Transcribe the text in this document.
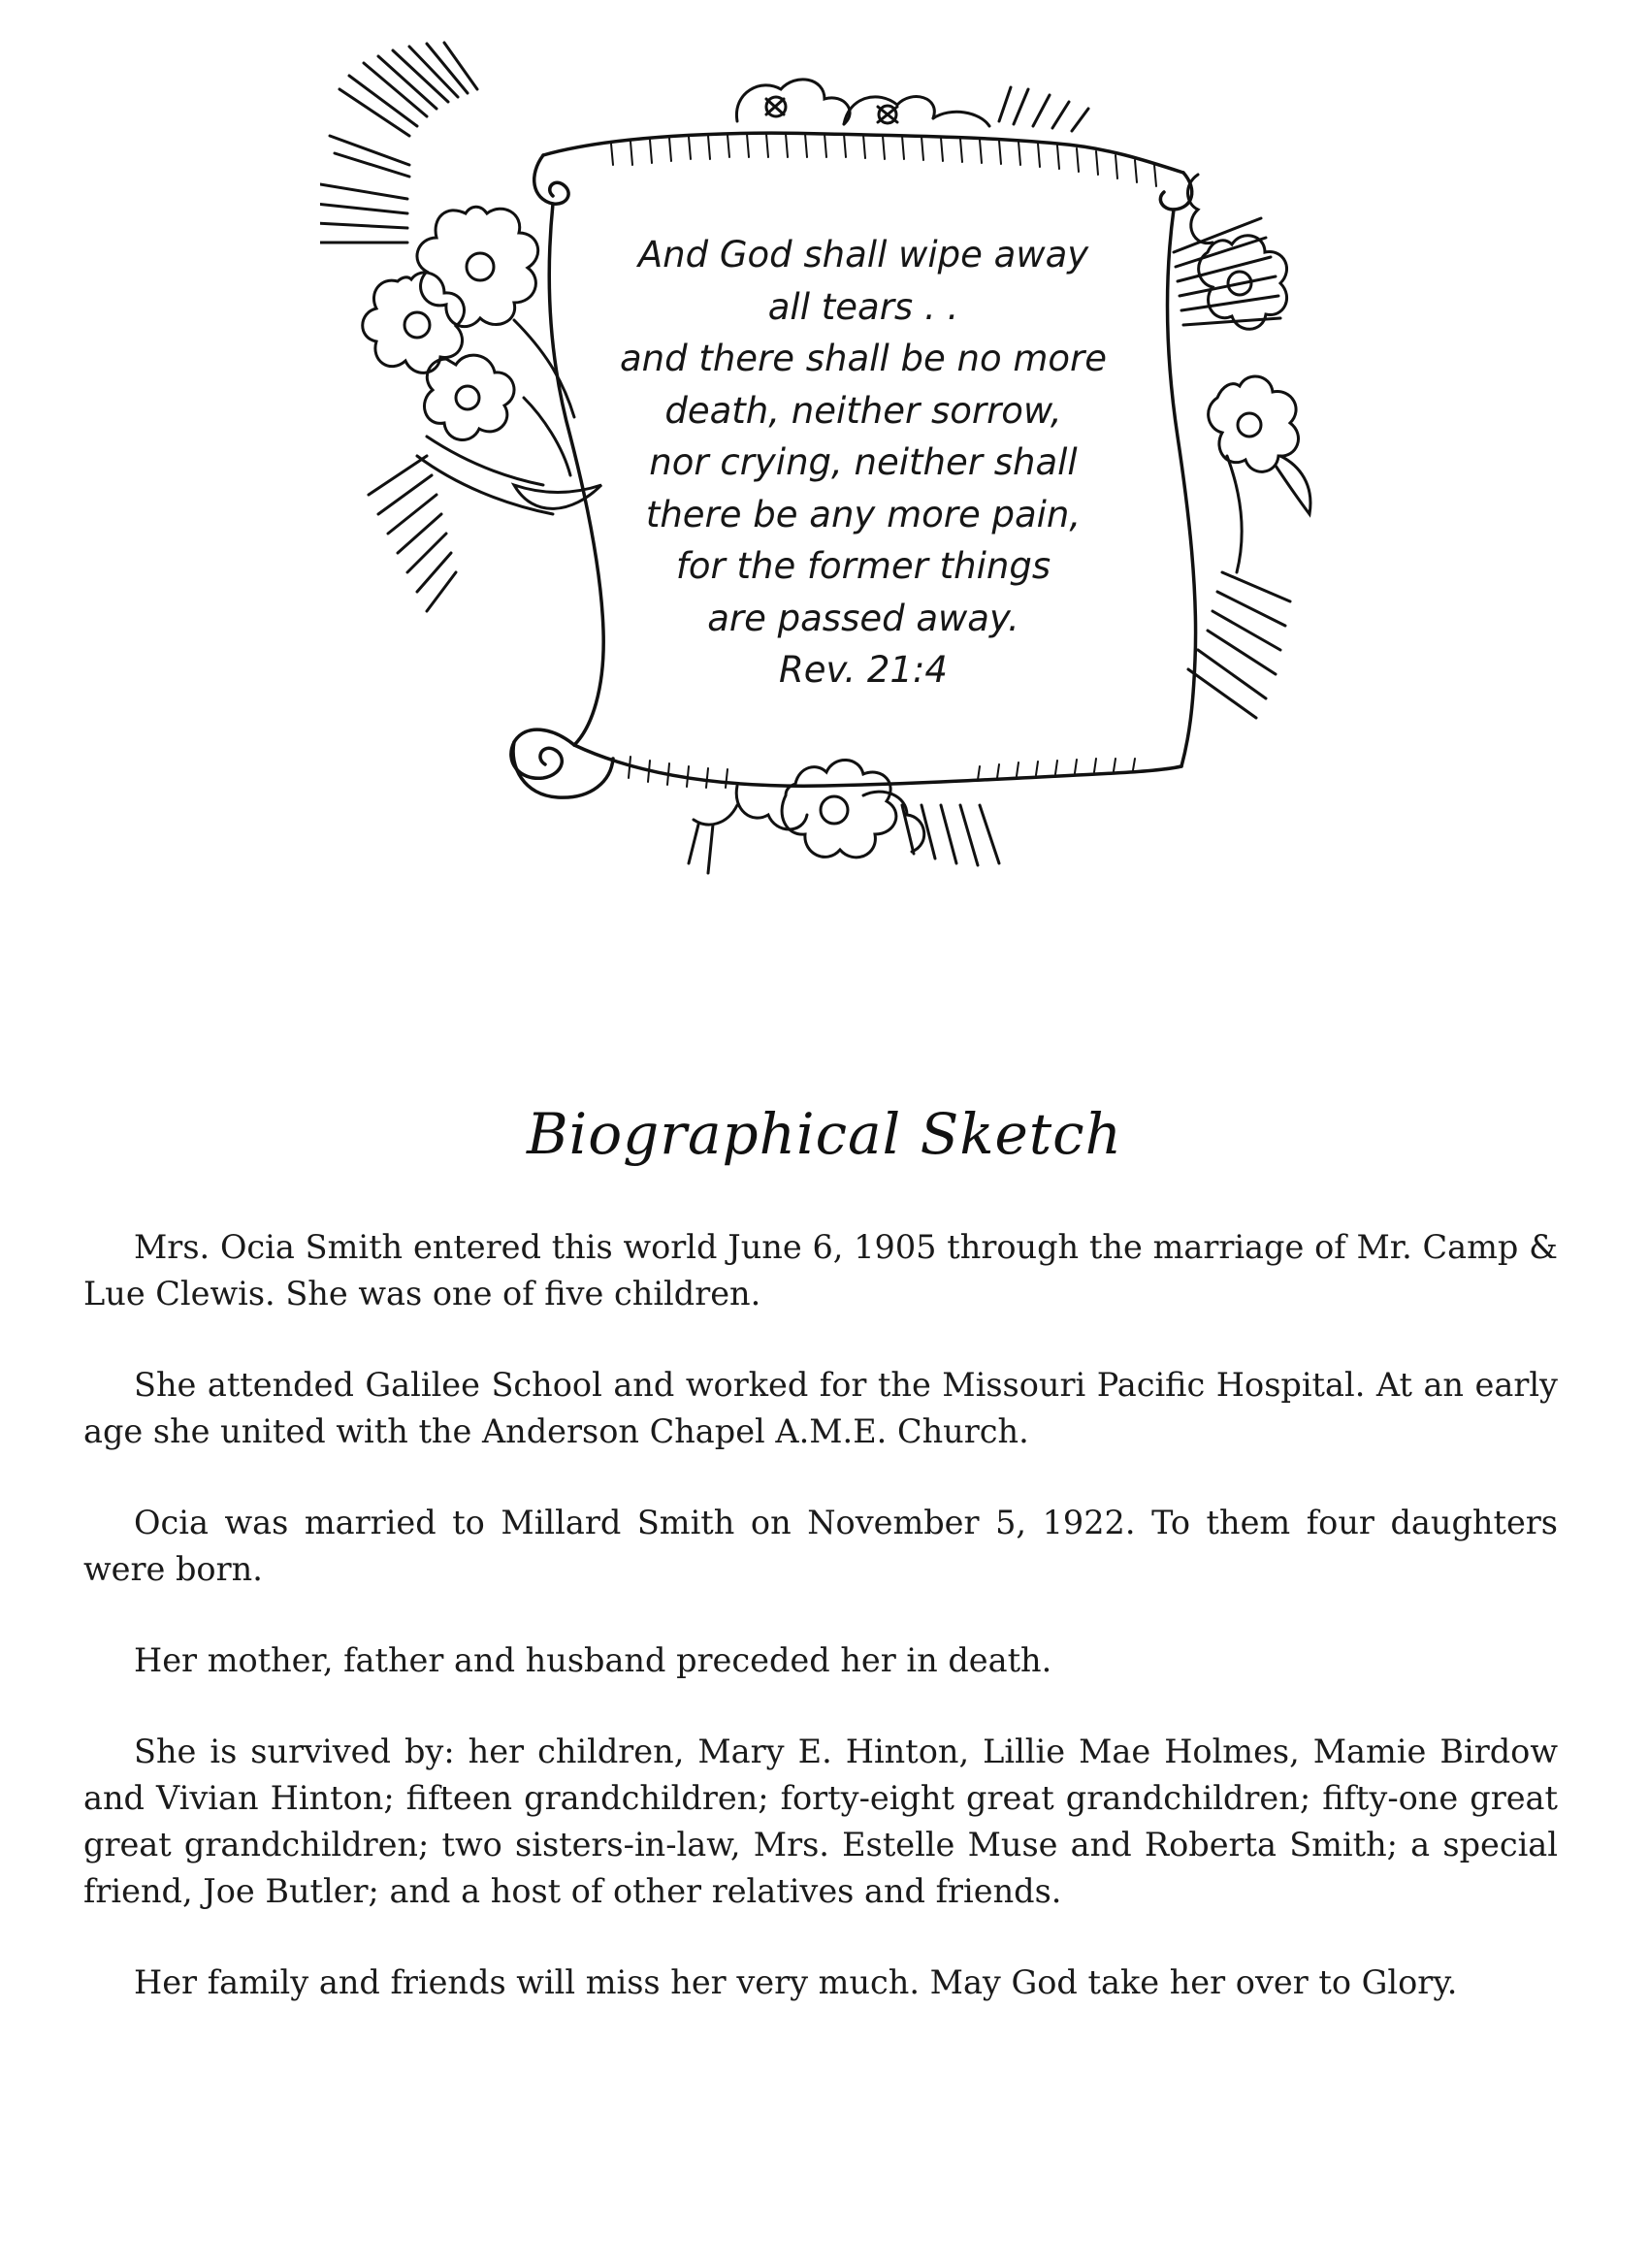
And God shall wipe away
all tears . .
and there shall be no more
death, neither sorrow,
nor crying, neither shall
there be any more pain,
for the former things
are passed away.
Rev. 21:4
Biographical Sketch

Mrs. Ocia Smith entered this world June 6, 1905 through the marriage of Mr. Camp & Lue Clewis. She was one of five children.

She attended Galilee School and worked for the Missouri Pacific Hospital. At an early age she united with the Anderson Chapel A.M.E. Church.

Ocia was married to Millard Smith on November 5, 1922. To them four daughters were born.

Her mother, father and husband preceded her in death.

She is survived by: her children, Mary E. Hinton, Lillie Mae Holmes, Mamie Birdow and Vivian Hinton; fifteen grandchildren; forty-eight great grandchildren; fifty-one great great grandchildren; two sisters-in-law, Mrs. Estelle Muse and Roberta Smith; a special friend, Joe Butler; and a host of other relatives and friends.

Her family and friends will miss her very much. May God take her over to Glory.
